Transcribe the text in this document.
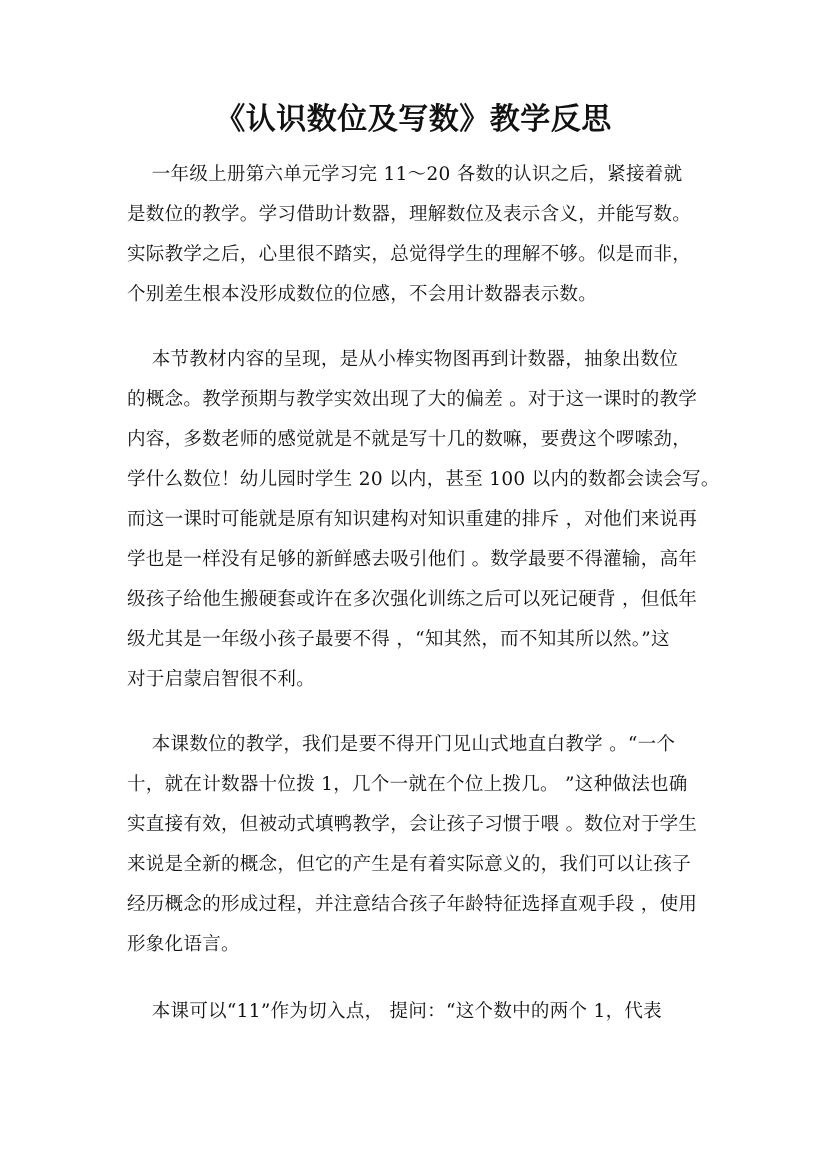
《认识数位及写数》教学反思
一年级上册第六单元学习完 11～20 各数的认识之后，紧接着就
是数位的教学。学习借助计数器，理解数位及表示含义，并能写数。
实际教学之后，心里很不踏实，总觉得学生的理解不够。似是而非，
个别差生根本没形成数位的位感，不会用计数器表示数。
本节教材内容的呈现，是从小棒实物图再到计数器，抽象出数位
的概念。教学预期与教学实效出现了大的偏差 。对于这一课时的教学
内容，多数老师的感觉就是不就是写十几的数嘛，要费这个啰嗦劲，
学什么数位！幼儿园时学生 20 以内，甚至 100 以内的数都会读会写。
而这一课时可能就是原有知识建构对知识重建的排斥 ，对他们来说再
学也是一样没有足够的新鲜感去吸引他们 。数学最要不得灌输，高年
级孩子给他生搬硬套或许在多次强化训练之后可以死记硬背 ，但低年
级尤其是一年级小孩子最要不得 ，“知其然，而不知其所以然。”这
对于启蒙启智很不利。
本课数位的教学，我们是要不得开门见山式地直白教学 。“一个
十，就在计数器十位拨 1，几个一就在个位上拨几。 ”这种做法也确
实直接有效，但被动式填鸭教学，会让孩子习惯于喂 。数位对于学生
来说是全新的概念，但它的产生是有着实际意义的，我们可以让孩子
经历概念的形成过程，并注意结合孩子年龄特征选择直观手段 ，使用
形象化语言。
本课可以“11”作为切入点， 提问：“这个数中的两个 1，代表
